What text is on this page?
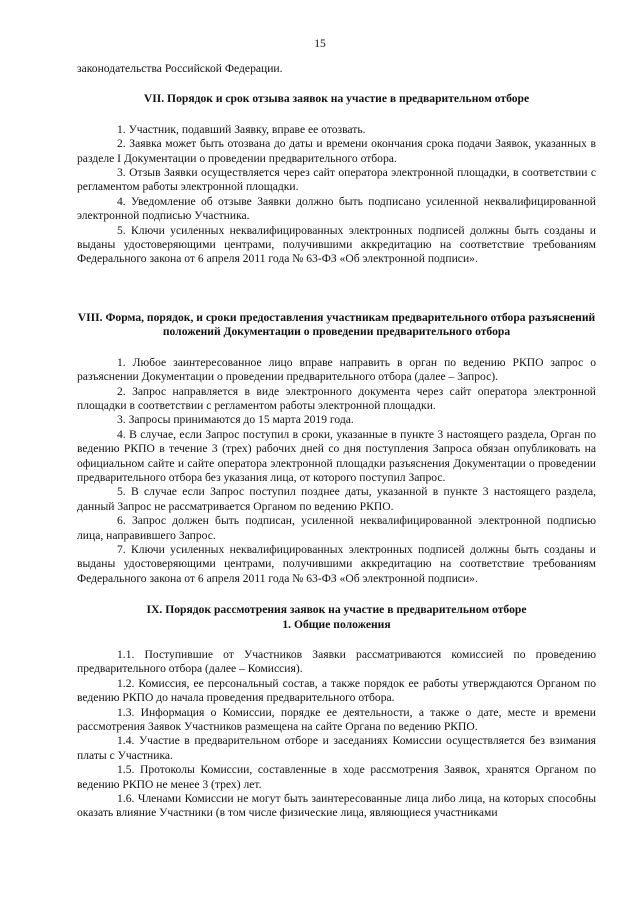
15

законодательства Российской Федерации.

VII. Порядок и срок отзыва заявок на участие в предварительном отборе

1. Участник, подавший Заявку, вправе ее отозвать.

2. Заявка может быть отозвана до даты и времени окончания срока подачи Заявок, указанных в разделе I Документации о проведении предварительного отбора.

3. Отзыв Заявки осуществляется через сайт оператора электронной площадки, в соответствии с регламентом работы электронной площадки.

4. Уведомление об отзыве Заявки должно быть подписано усиленной неквалифицированной электронной подписью Участника.

5. Ключи усиленных неквалифицированных электронных подписей должны быть созданы и выданы удостоверяющими центрами, получившими аккредитацию на соответствие требованиям Федерального закона от 6 апреля 2011 года № 63-ФЗ «Об электронной подписи».

VIII. Форма, порядок, и сроки предоставления участникам предварительного отбора разъяснений положений Документации о проведении предварительного отбора

1. Любое заинтересованное лицо вправе направить в орган по ведению РКПО запрос о разъяснении Документации о проведении предварительного отбора (далее – Запрос).

2. Запрос направляется в виде электронного документа через сайт оператора электронной площадки в соответствии с регламентом работы электронной площадки.

3. Запросы принимаются до 15 марта 2019 года.

4. В случае, если Запрос поступил в сроки, указанные в пункте 3 настоящего раздела, Орган по ведению РКПО в течение 3 (трех) рабочих дней со дня поступления Запроса обязан опубликовать на официальном сайте и сайте оператора электронной площадки разъяснения Документации о проведении предварительного отбора без указания лица, от которого поступил Запрос.

5. В случае если Запрос поступил позднее даты, указанной в пункте 3 настоящего раздела, данный Запрос не рассматривается Органом по ведению РКПО.

6. Запрос должен быть подписан, усиленной неквалифицированной электронной подписью лица, направившего Запрос.

7. Ключи усиленных неквалифицированных электронных подписей должны быть созданы и выданы удостоверяющими центрами, получившими аккредитацию на соответствие требованиям Федерального закона от 6 апреля 2011 года № 63-ФЗ «Об электронной подписи».

IX. Порядок рассмотрения заявок на участие в предварительном отборе
1. Общие положения

1.1. Поступившие от Участников Заявки рассматриваются комиссией по проведению предварительного отбора (далее – Комиссия).

1.2. Комиссия, ее персональный состав, а также порядок ее работы утверждаются Органом по ведению РКПО до начала проведения предварительного отбора.

1.3. Информация о Комиссии, порядке ее деятельности, а также о дате, месте и времени рассмотрения Заявок Участников размещена на сайте Органа по ведению РКПО.

1.4. Участие в предварительном отборе и заседаниях Комиссии осуществляется без взимания платы с Участника.

1.5. Протоколы Комиссии, составленные в ходе рассмотрения Заявок, хранятся Органом по ведению РКПО не менее 3 (трех) лет.

1.6. Членами Комиссии не могут быть заинтересованные лица либо лица, на которых способны оказать влияние Участники (в том числе физические лица, являющиеся участниками
